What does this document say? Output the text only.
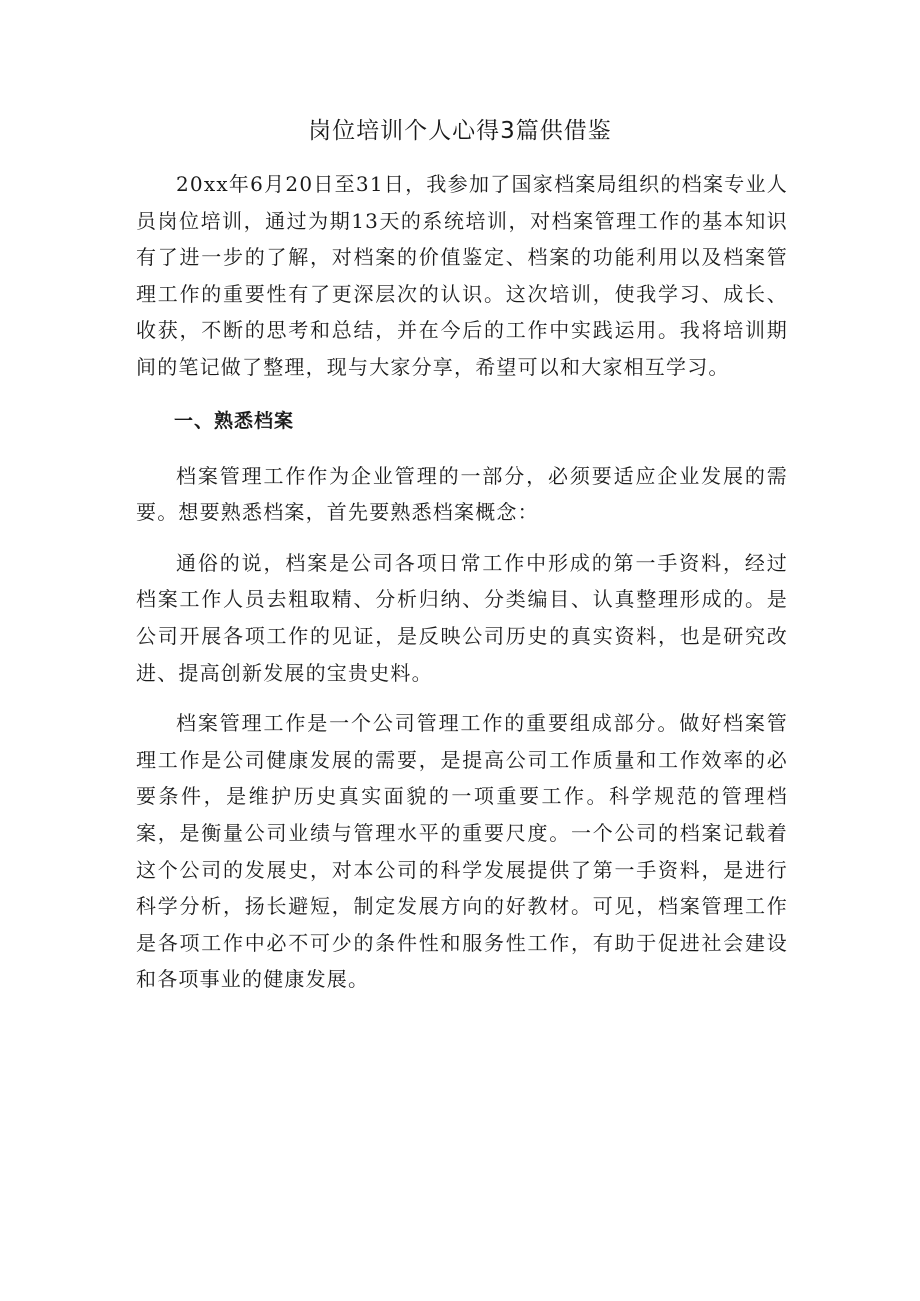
岗位培训个人心得3篇供借鉴

20xx年6月20日至31日，我参加了国家档案局组织的档案专业人员岗位培训，通过为期13天的系统培训，对档案管理工作的基本知识有了进一步的了解，对档案的价值鉴定、档案的功能利用以及档案管理工作的重要性有了更深层次的认识。这次培训，使我学习、成长、收获，不断的思考和总结，并在今后的工作中实践运用。我将培训期间的笔记做了整理，现与大家分享，希望可以和大家相互学习。

一、熟悉档案

档案管理工作作为企业管理的一部分，必须要适应企业发展的需要。想要熟悉档案，首先要熟悉档案概念：

通俗的说，档案是公司各项日常工作中形成的第一手资料，经过档案工作人员去粗取精、分析归纳、分类编目、认真整理形成的。是公司开展各项工作的见证，是反映公司历史的真实资料，也是研究改进、提高创新发展的宝贵史料。

档案管理工作是一个公司管理工作的重要组成部分。做好档案管理工作是公司健康发展的需要，是提高公司工作质量和工作效率的必要条件，是维护历史真实面貌的一项重要工作。科学规范的管理档案，是衡量公司业绩与管理水平的重要尺度。一个公司的档案记载着这个公司的发展史，对本公司的科学发展提供了第一手资料，是进行科学分析，扬长避短，制定发展方向的好教材。可见，档案管理工作是各项工作中必不可少的条件性和服务性工作，有助于促进社会建设和各项事业的健康发展。
